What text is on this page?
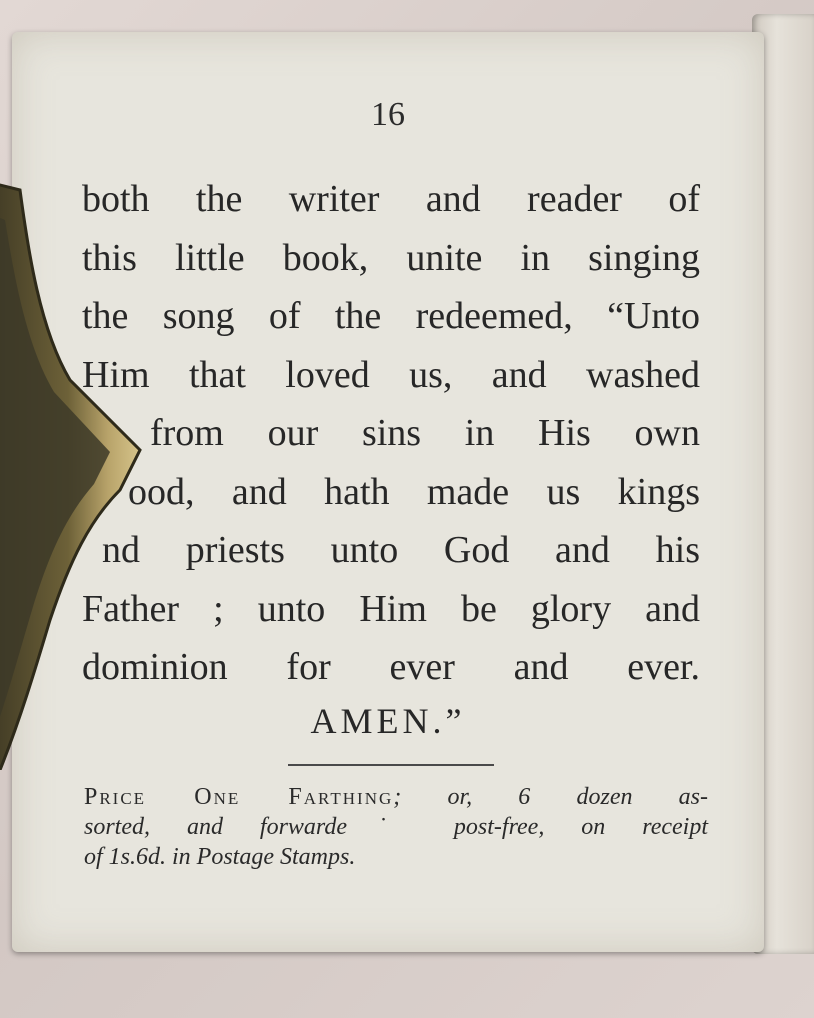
16
both the writer and reader of
this little book, unite in singing
the song of the redeemed, “Unto
Him that loved us, and washed
from our sins in His own
ood, and hath made us kings
nd priests unto God and his
Father ; unto Him be glory and
dominion for ever and ever.
AMEN.”
Price One Farthing; or, 6 dozen as-
sorted, and forwarde˙ post-free, on receipt
of 1s.6d. in Postage Stamps.
